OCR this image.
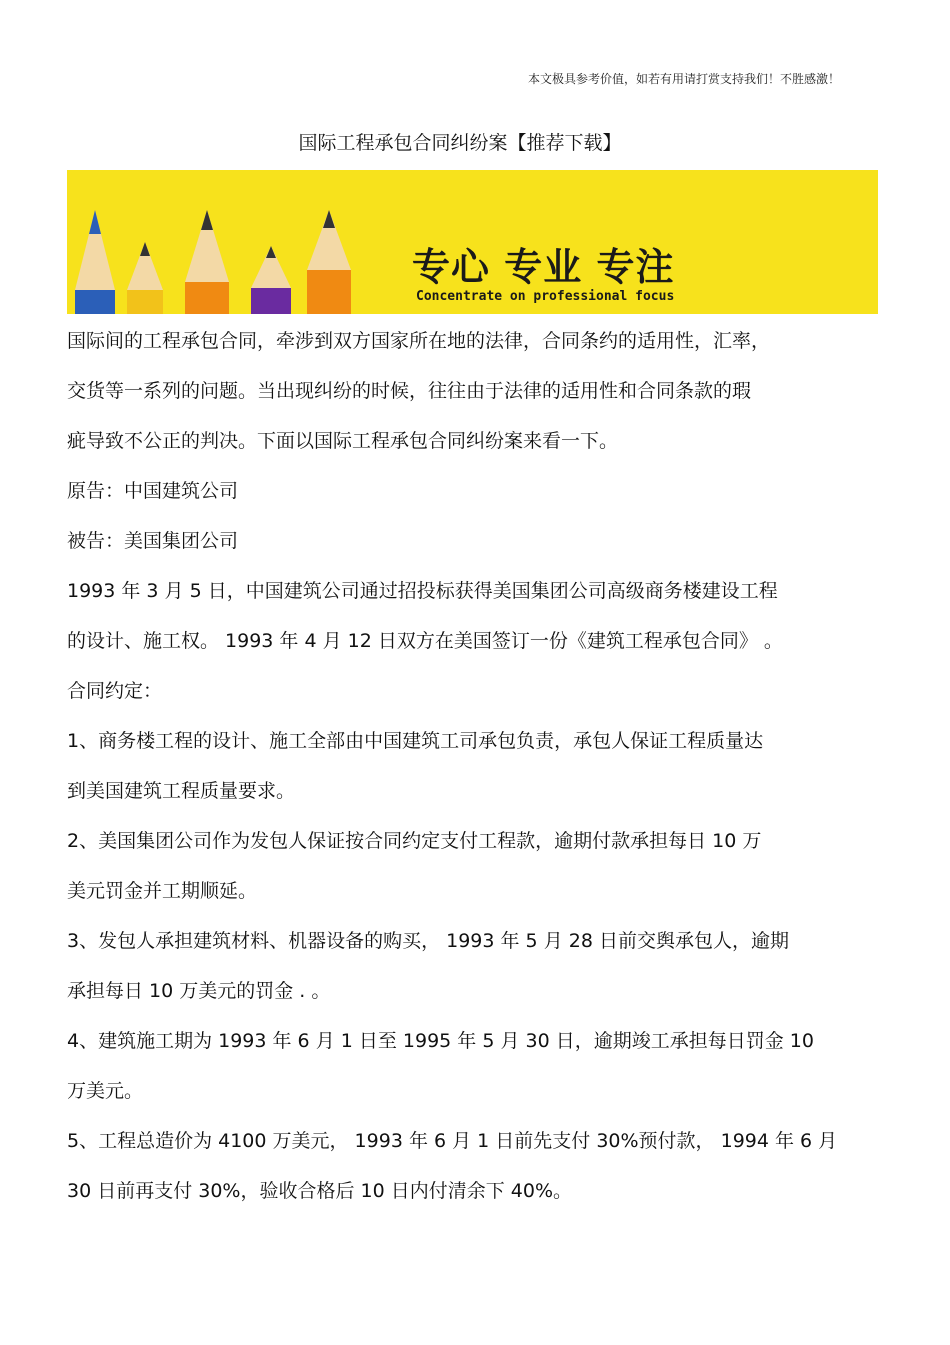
本文极具参考价值，如若有用请打赏支持我们！不胜感激！
国际工程承包合同纠纷案【推荐下载】
专心 专业 专注
Concentrate on professional focus
国际间的工程承包合同，牵涉到双方国家所在地的法律，合同条约的适用性，汇率，
交货等一系列的问题。当出现纠纷的时候，往往由于法律的适用性和合同条款的瑕
疵导致不公正的判决。下面以国际工程承包合同纠纷案来看一下。
原告：中国建筑公司
被告：美国集团公司
1993 年 3 月 5 日，中国建筑公司通过招投标获得美国集团公司高级商务楼建设工程
的设计、施工权。 1993 年 4 月 12 日双方在美国签订一份《建筑工程承包合同》 。
合同约定：
1、商务楼工程的设计、施工全部由中国建筑工司承包负责，承包人保证工程质量达
到美国建筑工程质量要求。
2、美国集团公司作为发包人保证按合同约定支付工程款，逾期付款承担每日 10 万
美元罚金并工期顺延。
3、发包人承担建筑材料、机器设备的购买， 1993 年 5 月 28 日前交舆承包人，逾期
承担每日 10 万美元的罚金 . 。
4、建筑施工期为 1993 年 6 月 1 日至 1995 年 5 月 30 日，逾期竣工承担每日罚金 10
万美元。
5、工程总造价为 4100 万美元， 1993 年 6 月 1 日前先支付 30%预付款， 1994 年 6 月
30 日前再支付 30%，验收合格后 10 日内付清余下 40%。
